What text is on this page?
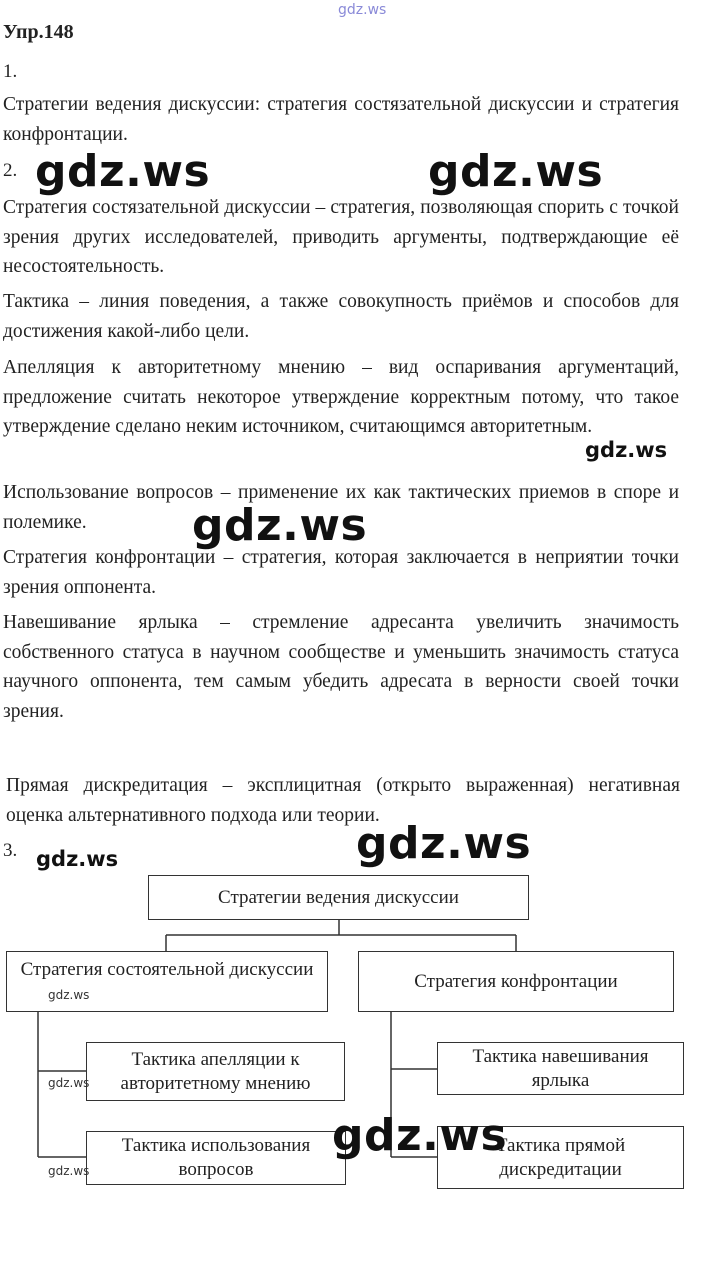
gdz.ws
Упр.148
1.
Стратегии ведения дискуссии: стратегия состязательной дискуссии и стратегия конфронтации.
2. gdz.ws	gdz.ws
Стратегия состязательной дискуссии – стратегия, позволяющая спорить с точкой зрения других исследователей, приводить аргументы, подтверждающие её несостоятельность.
Тактика – линия поведения, а также совокупность приёмов и способов для достижения какой-либо цели.
Апелляция к авторитетному мнению – вид оспаривания аргументаций, предложение считать некоторое утверждение корректным потому, что такое утверждение сделано неким источником, считающимся авторитетным.
gdz.ws
Использование вопросов – применение их как тактических приемов в споре и полемике.	gdz.ws
Стратегия конфронтации – стратегия, которая заключается в неприятии точки зрения оппонента.
Навешивание ярлыка – стремление адресанта увеличить значимость собственного статуса в научном сообществе и уменьшить значимость статуса научного оппонента, тем самым убедить адресата в верности своей точки зрения.
Прямая дискредитация – эксплицитная (открыто выраженная) негативная оценка альтернативного подхода или теории.
3. gdz.ws	gdz.ws
Стратегии ведения дискуссии
Стратегия состоятельной дискуссии
Стратегия конфронтации
Тактика апелляции к авторитетному мнению
Тактика использования вопросов
Тактика навешивания ярлыка
Тактика прямой дискредитации
gdz.ws
gdz.ws
gdz.ws
gdz.ws
